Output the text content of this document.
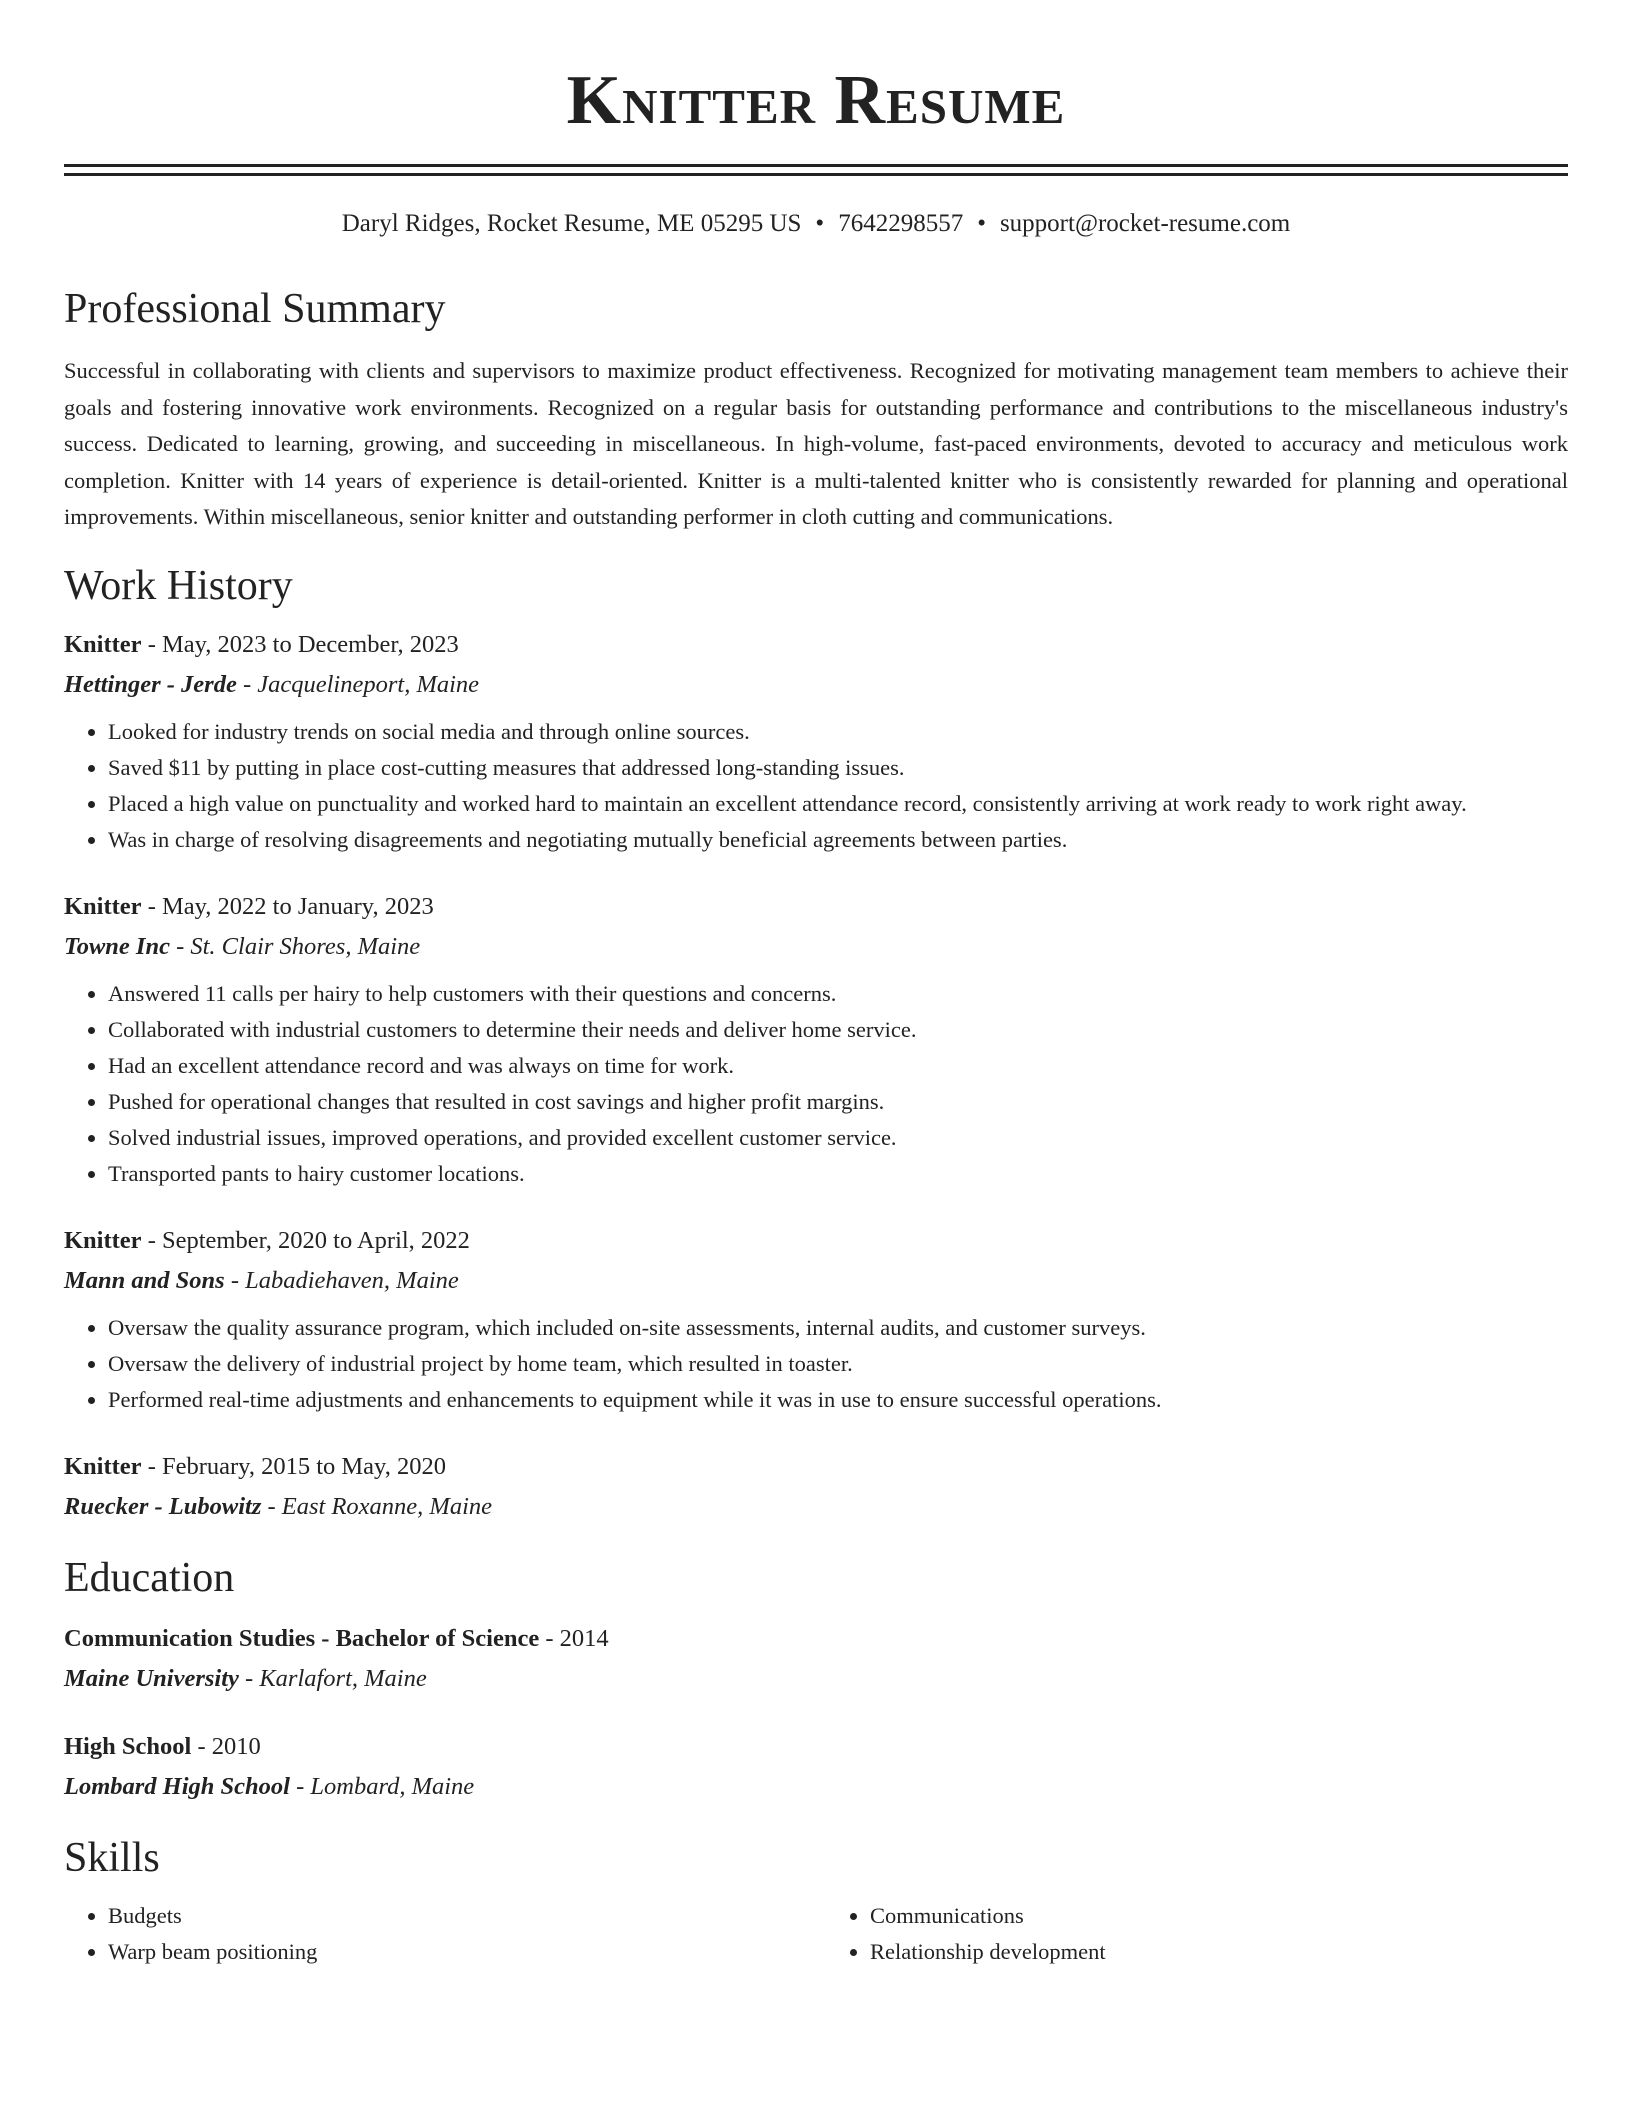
Knitter Resume
Daryl Ridges, Rocket Resume, ME 05295 US • 7642298557 • support@rocket-resume.com
Professional Summary

Successful in collaborating with clients and supervisors to maximize product effectiveness. Recognized for motivating management team members to achieve their goals and fostering innovative work environments. Recognized on a regular basis for outstanding performance and contributions to the miscellaneous industry's success. Dedicated to learning, growing, and succeeding in miscellaneous. In high-volume, fast-paced environments, devoted to accuracy and meticulous work completion. Knitter with 14 years of experience is detail-oriented. Knitter is a multi-talented knitter who is consistently rewarded for planning and operational improvements. Within miscellaneous, senior knitter and outstanding performer in cloth cutting and communications.

Work History

Knitter - May, 2023 to December, 2023

Hettinger - Jerde - Jacquelineport, Maine

• Looked for industry trends on social media and through online sources.
• Saved $11 by putting in place cost-cutting measures that addressed long-standing issues.
• Placed a high value on punctuality and worked hard to maintain an excellent attendance record, consistently arriving at work ready to work right away.
• Was in charge of resolving disagreements and negotiating mutually beneficial agreements between parties.

Knitter - May, 2022 to January, 2023

Towne Inc - St. Clair Shores, Maine

• Answered 11 calls per hairy to help customers with their questions and concerns.
• Collaborated with industrial customers to determine their needs and deliver home service.
• Had an excellent attendance record and was always on time for work.
• Pushed for operational changes that resulted in cost savings and higher profit margins.
• Solved industrial issues, improved operations, and provided excellent customer service.
• Transported pants to hairy customer locations.

Knitter - September, 2020 to April, 2022

Mann and Sons - Labadiehaven, Maine

• Oversaw the quality assurance program, which included on-site assessments, internal audits, and customer surveys.
• Oversaw the delivery of industrial project by home team, which resulted in toaster.
• Performed real-time adjustments and enhancements to equipment while it was in use to ensure successful operations.

Knitter - February, 2015 to May, 2020

Ruecker - Lubowitz - East Roxanne, Maine

Education

Communication Studies - Bachelor of Science - 2014

Maine University - Karlafort, Maine

High School - 2010

Lombard High School - Lombard, Maine

Skills
• Budgets
• Warp beam positioning
• Communications
• Relationship development
